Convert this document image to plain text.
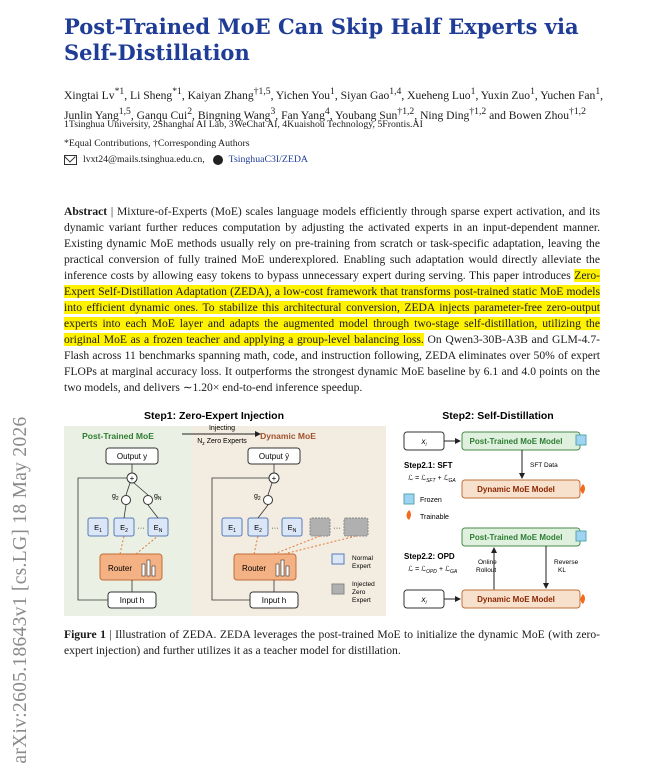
arXiv:2605.18643v1 [cs.LG] 18 May 2026
Post-Trained MoE Can Skip Half Experts via Self-Distillation
Xingtai Lv$^{*1}$, Li Sheng$^{*1}$, Kaiyan Zhang$^{\dagger 1,5}$, Yichen You$^1$, Siyan Gao$^{1,4}$, Xueheng Luo$^1$, Yuxin Zuo$^1$, Yuchen Fan$^1$, Junlin Yang$^{1,5}$, Ganqu Cui$^2$, Bingning Wang$^3$, Fan Yang$^4$, Youbang Sun$^{\dagger 1,2}$, Ning Ding$^{\dagger 1,2}$ and Bowen Zhou$^{\dagger 1,2}$
1Tsinghua University, 2Shanghai AI Lab, 3WeChat AI, 4Kuaishou Technology, 5Frontis.AI
*Equal Contributions, †Corresponding Authors
lvxt24@mails.tsinghua.edu.cn, TsinghuaC3I/ZEDA
Abstract | Mixture-of-Experts (MoE) scales language models efficiently through sparse expert activation, and its dynamic variant further reduces computation by adjusting the activated experts in an input-dependent manner. Existing dynamic MoE methods usually rely on pre-training from scratch or task-specific adaptation, leaving the practical conversion of fully trained MoE underexplored. Enabling such adaptation would directly alleviate the inference costs by allowing easy tokens to bypass unnecessary expert during serving. This paper introduces Zero-Expert Self-Distillation Adaptation (ZEDA), a low-cost framework that transforms post-trained static MoE models into efficient dynamic ones. To stabilize this architectural conversion, ZEDA injects parameter-free zero-output experts into each MoE layer and adapts the augmented model through two-stage self-distillation, utilizing the original MoE as a frozen teacher and applying a group-level balancing loss. On Qwen3-30B-A3B and GLM-4.7-Flash across 11 benchmarks spanning math, code, and instruction following, ZEDA eliminates over 50% of expert FLOPs at marginal accuracy loss. It outperforms the strongest dynamic MoE baseline by 6.1 and 4.0 points on the two models, and delivers ∼1.20× end-to-end inference speedup.
Step1: Zero-Expert Injection	Step2: Self-Distillation
Post-Trained MoE	Dynamic MoE
Injecting
$N_z$ Zero Experts
Output y
+
$g_2$	$g_N$
$E_1$ $E_2$ ··· $E_N$
Router
Input h
Output ȳ
+
$g_2$
$E_1$ $E_2$ ··· $E_N$	···
Router
Input h
Normal
Expert
Injected
Zero
Expert
$x_i$	Post-Trained MoE Model
SFT Data
Step2.1: SFT
ℒ = ℒ$_{SFT}$ + ℒ$_{GA}$
Dynamic MoE Model
Frozen
Trainable
Post-Trained MoE Model
Step2.2: OPD
ℒ = ℒ$_{OPD}$ + ℒ$_{GA}$
Online
Rollout
Reverse
KL
$x_i$	Dynamic MoE Model
Figure 1 | Illustration of ZEDA. ZEDA leverages the post-trained MoE to initialize the dynamic MoE (with zero-expert injection) and further utilizes it as a teacher model for distillation.
